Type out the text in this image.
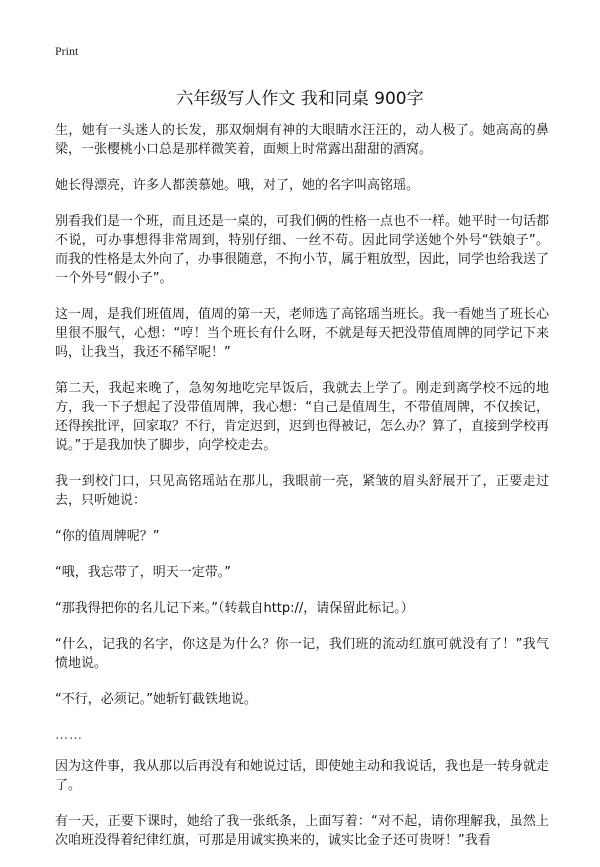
Print
六年级写人作文 我和同桌 900字

生，她有一头迷人的长发，那双炯炯有神的大眼睛水汪汪的，动人极了。她高高的鼻梁，一张樱桃小口总是那样微笑着，面颊上时常露出甜甜的酒窝。

她长得漂亮，许多人都羡慕她。哦，对了，她的名字叫高铭瑶。

别看我们是一个班，而且还是一桌的，可我们俩的性格一点也不一样。她平时一句话都不说，可办事想得非常周到，特别仔细、一丝不苟。因此同学送她个外号“铁娘子”。而我的性格是太外向了，办事很随意，不拘小节，属于粗放型，因此，同学也给我送了一个外号“假小子”。

这一周，是我们班值周，值周的第一天，老师选了高铭瑶当班长。我一看她当了班长心里很不服气，心想：“哼！当个班长有什么呀，不就是每天把没带值周牌的同学记下来吗，让我当，我还不稀罕呢！”

第二天，我起来晚了，急匆匆地吃完早饭后，我就去上学了。刚走到离学校不远的地方，我一下子想起了没带值周牌，我心想：“自己是值周生，不带值周牌，不仅挨记，还得挨批评，回家取？不行，肯定迟到，迟到也得被记，怎么办？算了，直接到学校再说。”于是我加快了脚步，向学校走去。

我一到校门口，只见高铭瑶站在那儿，我眼前一亮，紧皱的眉头舒展开了，正要走过去，只听她说：

“你的值周牌呢？”

“哦，我忘带了，明天一定带。”

“那我得把你的名儿记下来。”（转载自http://，请保留此标记。）

“什么，记我的名字，你这是为什么？你一记，我们班的流动红旗可就没有了！”我气愤地说。

“不行，必须记。”她斩钉截铁地说。

……

因为这件事，我从那以后再没有和她说过话，即使她主动和我说话，我也是一转身就走了。

有一天，正要下课时，她给了我一张纸条，上面写着：“对不起，请你理解我，虽然上次咱班没得着纪律红旗，可那是用诚实换来的，诚实比金子还可贵呀！”我看
